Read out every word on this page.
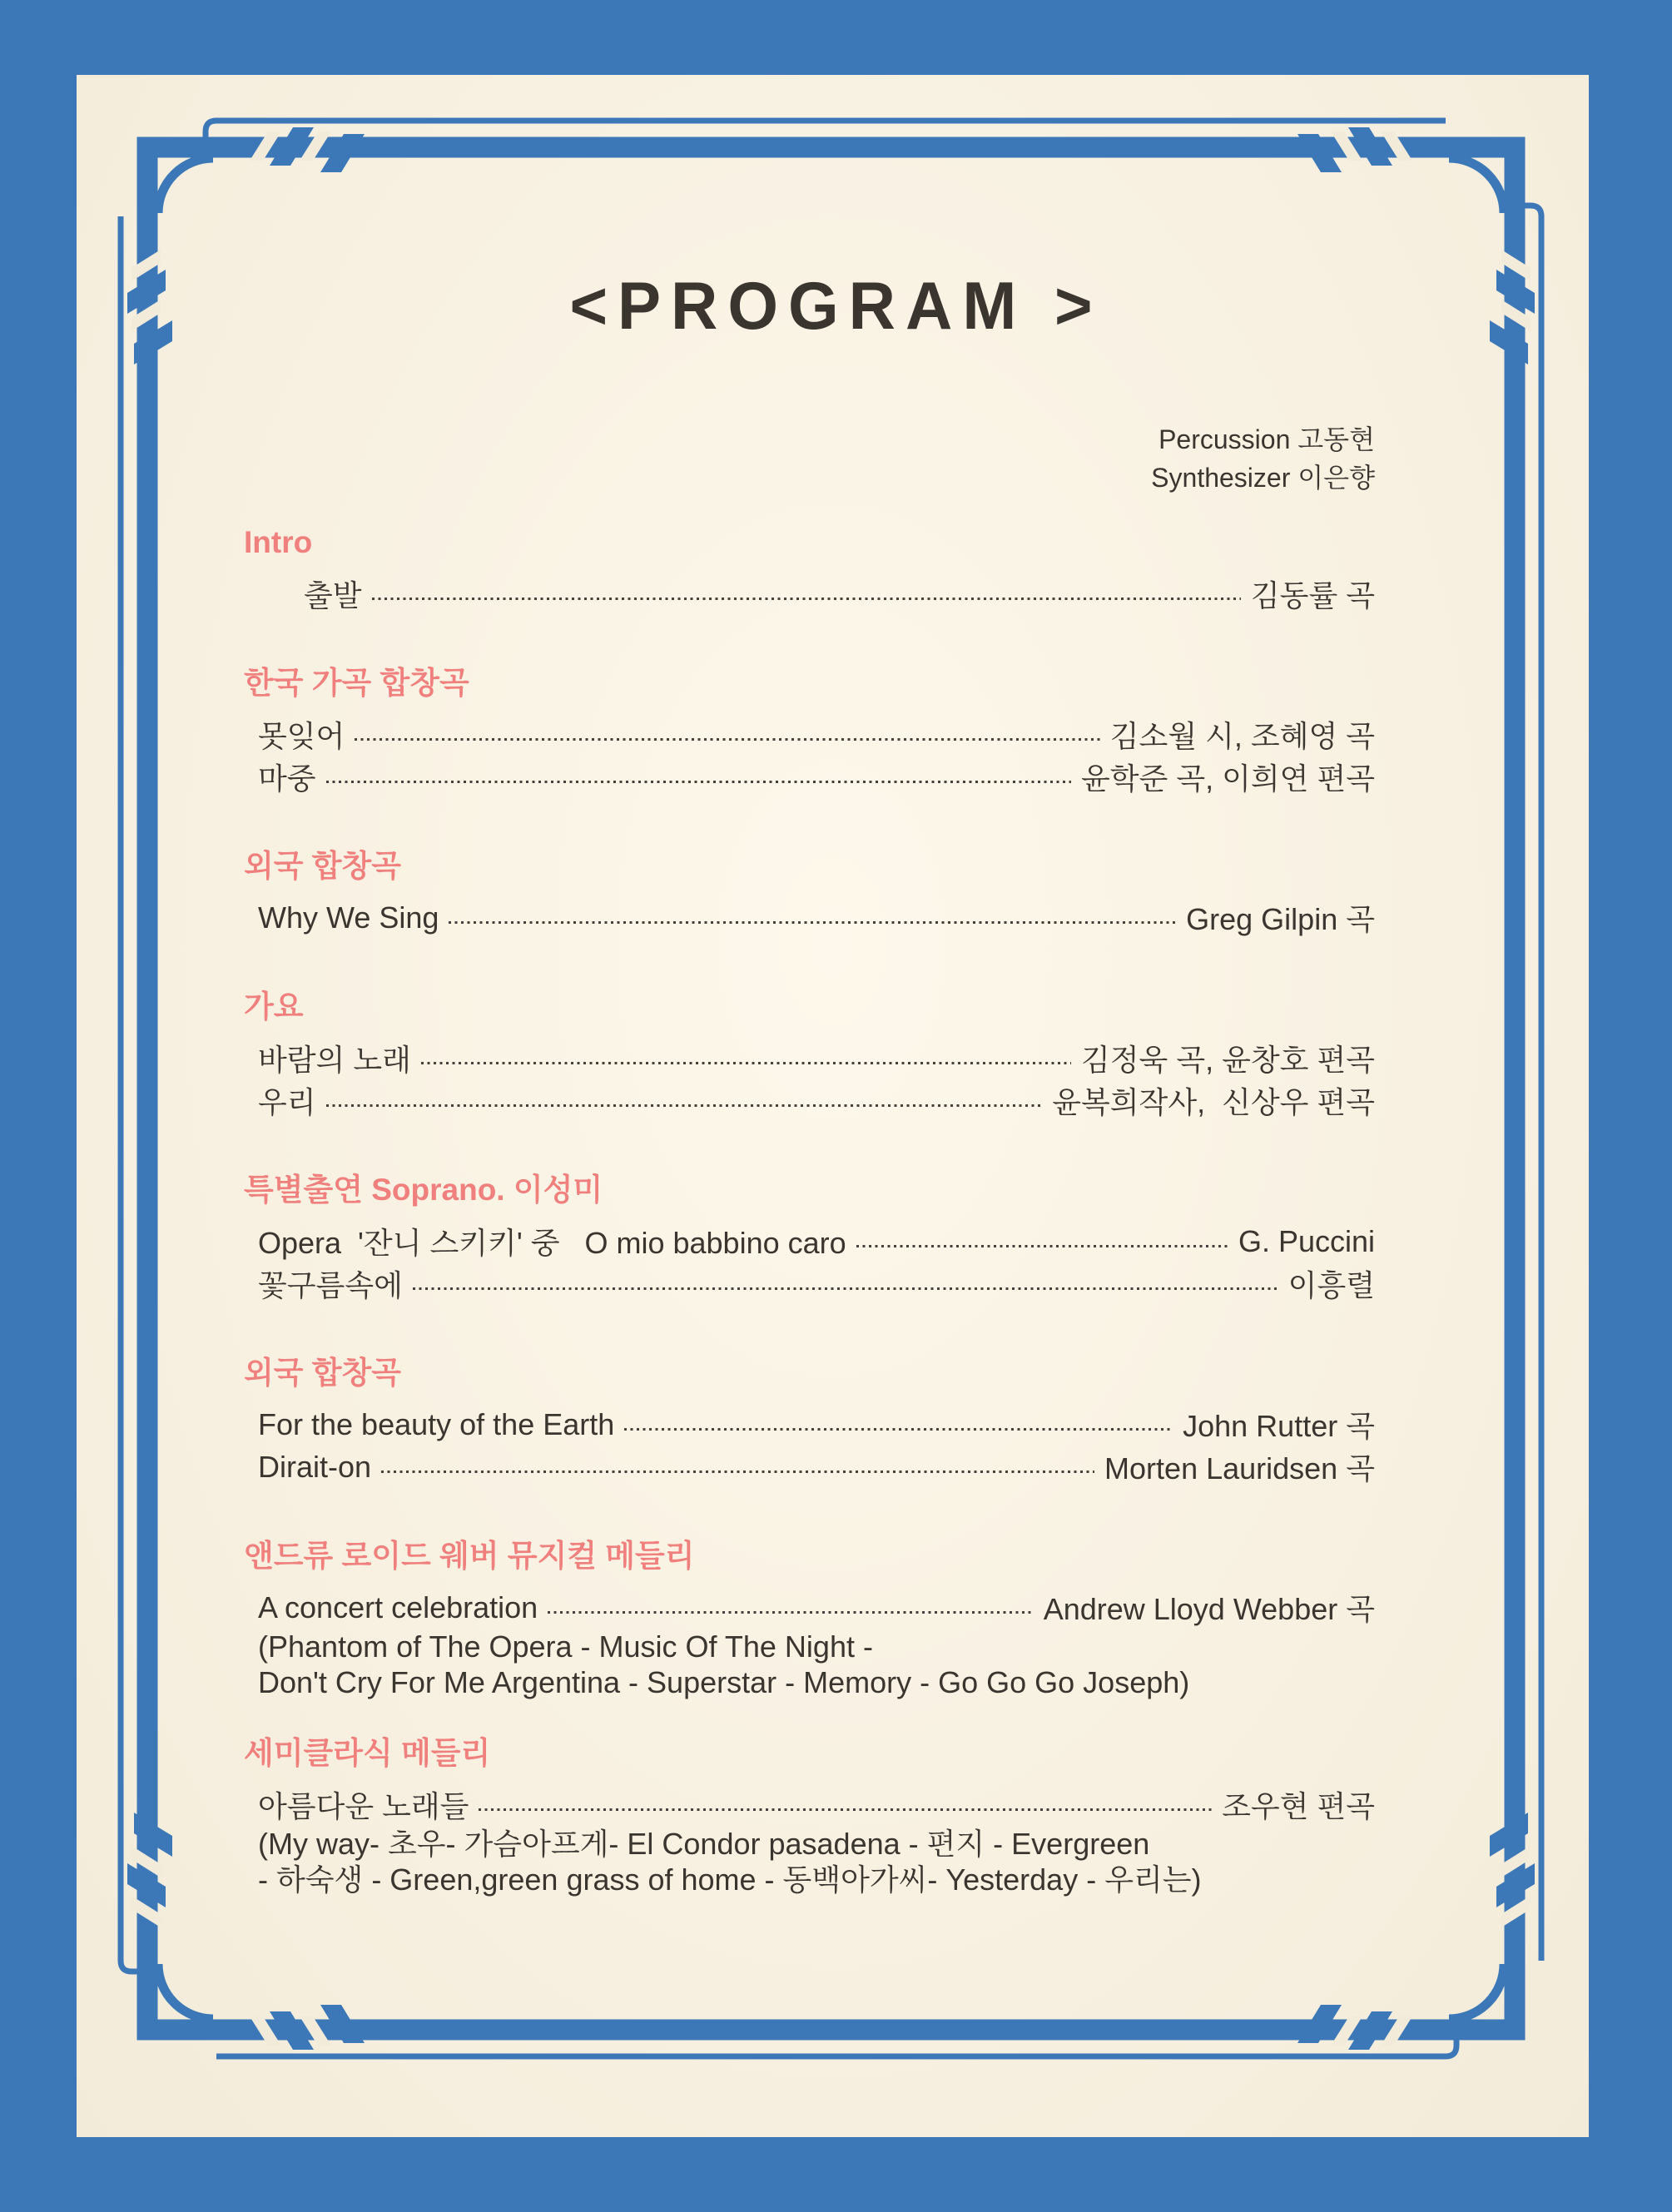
<PROGRAM >
Percussion 고동현
Synthesizer 이은향
Intro
출발	김동률 곡
한국 가곡 합창곡
못잊어	김소월 시, 조혜영 곡
마중	윤학준 곡, 이희연 편곡
외국 합창곡
Why We Sing	Greg Gilpin 곡
가요
바람의 노래	김정욱 곡, 윤창호 편곡
우리	윤복희작사,  신상우 편곡
특별출연 Soprano. 이성미
Opera  '잔니 스키키' 중   O mio babbino caro	G. Puccini
꽃구름속에	이흥렬
외국 합창곡
For the beauty of the Earth	John Rutter 곡
Dirait-on	Morten Lauridsen 곡
앤드류 로이드 웨버 뮤지컬 메들리
A concert celebration	Andrew Lloyd Webber 곡
(Phantom of The Opera - Music Of The Night -
Don't Cry For Me Argentina - Superstar - Memory - Go Go Go Joseph)
세미클라식 메들리
아름다운 노래들	조우현 편곡
(My way- 초우- 가슴아프게- El Condor pasadena - 편지 - Evergreen
- 하숙생 - Green,green grass of home - 동백아가씨- Yesterday - 우리는)
